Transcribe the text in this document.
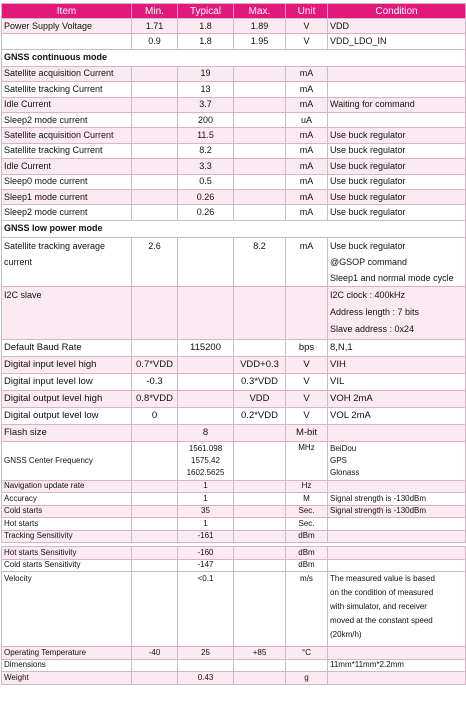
Item	Min.	Typical	Max.	Unit	Condition
Power Supply Voltage	1.71	1.8	1.89	V	VDD
	0.9	1.8	1.95	V	VDD_LDO_IN
GNSS continuous mode					
Satellite acquisition Current		19		mA	
Satellite tracking Current		13		mA	
Idle Current		3.7		mA	Waiting for command
Sleep2 mode current		200		uA	
Satellite acquisition Current		11.5		mA	Use buck regulator
Satellite tracking Current		8.2		mA	Use buck regulator
Idle Current		3.3		mA	Use buck regulator
Sleep0 mode current		0.5		mA	Use buck regulator
Sleep1 mode current		0.26		mA	Use buck regulator
Sleep2 mode current		0.26		mA	Use buck regulator
GNSS low power mode					

Satellite tracking average
current	2.6		8.2	mA	Use buck regulator
@GSOP command
Sleep1 and normal mode cycle

I2C slave					I2C clock : 400kHz
Address length : 7 bits
Slave address : 0x24

Default Baud Rate		115200		bps	8,N,1
Digital input level high	0.7*VDD		VDD+0.3	V	VIH
Digital input level low	-0.3		0.3*VDD	V	VIL
Digital output level high	0.8*VDD		VDD	V	VOH 2mA
Digital output level low	0		0.2*VDD	V	VOL 2mA
Flash size		8		M-bit	
GNSS Center Frequency		1561.098
1575.42
1602.5625		MHz	BeiDou
GPS
Glonass

Navigation update rate		1		Hz	
Accuracy		1		M	Signal strength is -130dBm
Cold starts		35		Sec.	Signal strength is -130dBm
Hot starts		1		Sec.	
Tracking Sensitivity		-161		dBm	

Hot starts Sensitivity		-160		dBm	
Cold starts Sensitivity		-147		dBm	
Velocity		<0.1		m/s	The measured value is based
on the condition of measured
with simulator, and receiver
moved at the constant speed
(20km/h)

Operating Temperature	-40	25	+85	°C	
Dimensions					11mm*11mm*2.2mm
Weight		0.43		g	
